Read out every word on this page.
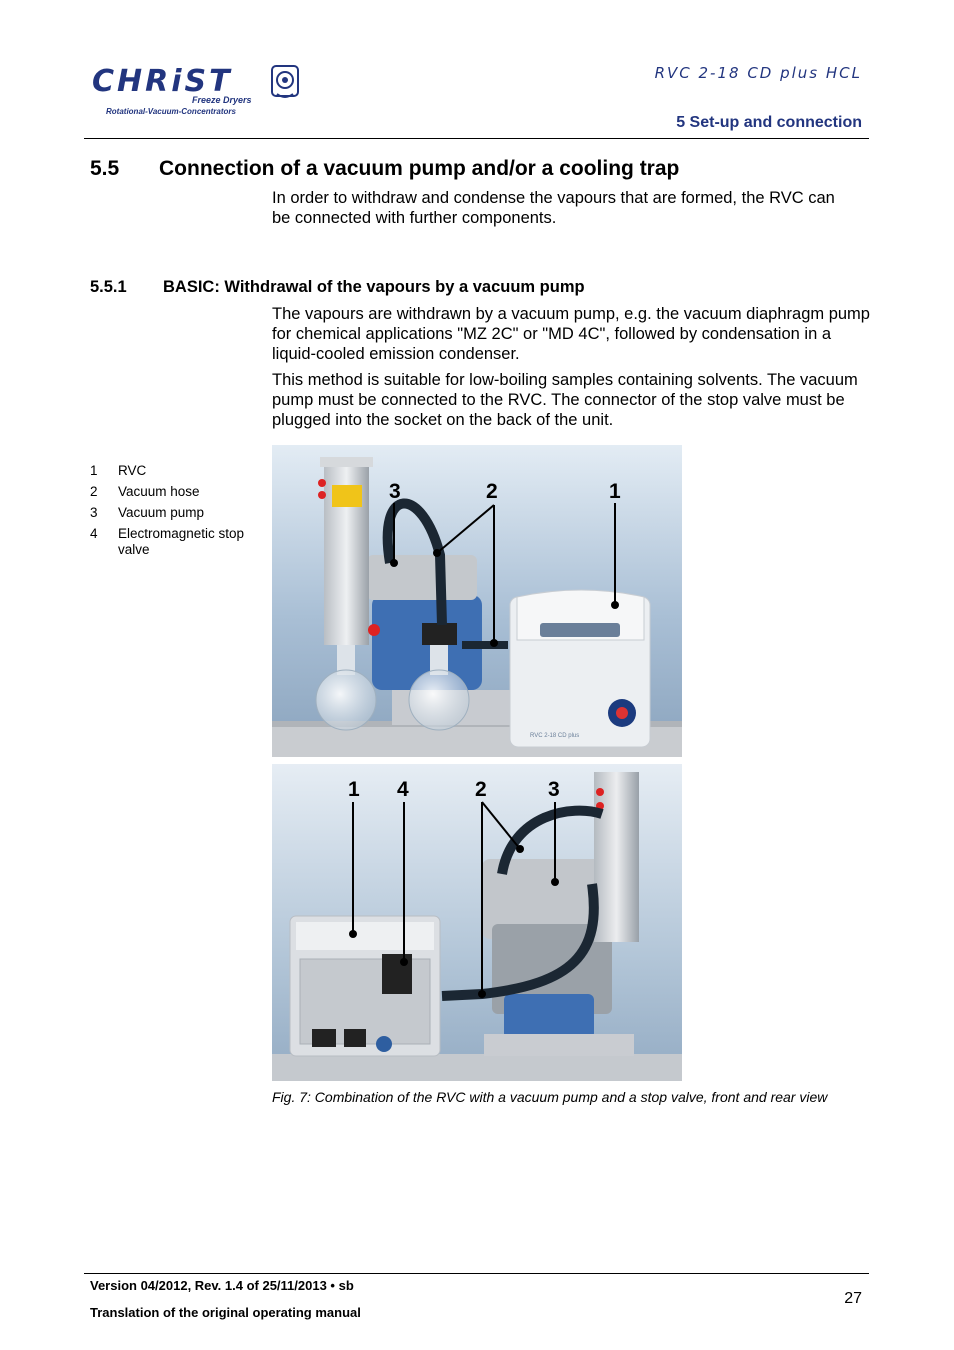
CHRiST
Freeze Dryers
Rotational-Vacuum-Concentrators
RVC 2-18 CD plus HCL
5 Set-up and connection
5.5 Connection of a vacuum pump and/or a cooling trap
In order to withdraw and condense the vapours that are formed, the RVC can be connected with further components.
5.5.1 BASIC: Withdrawal of the vapours by a vacuum pump
The vapours are withdrawn by a vacuum pump, e.g. the vacuum diaphragm pump for chemical applications "MZ 2C" or "MD 4C", followed by condensation in a liquid-cooled emission condenser.
This method is suitable for low-boiling samples containing solvents. The vacuum pump must be connected to the RVC. The connector of the stop valve must be plugged into the socket on the back of the unit.
1	RVC
2	Vacuum hose
3	Vacuum pump
4	Electromagnetic stop valve
RVC 2-18 CD plus
3	2	1
1 4	2	3
Fig. 7: Combination of the RVC with a vacuum pump and a stop valve, front and rear view
Version 04/2012, Rev. 1.4 of 25/11/2013 • sb
Translation of the original operating manual
27
